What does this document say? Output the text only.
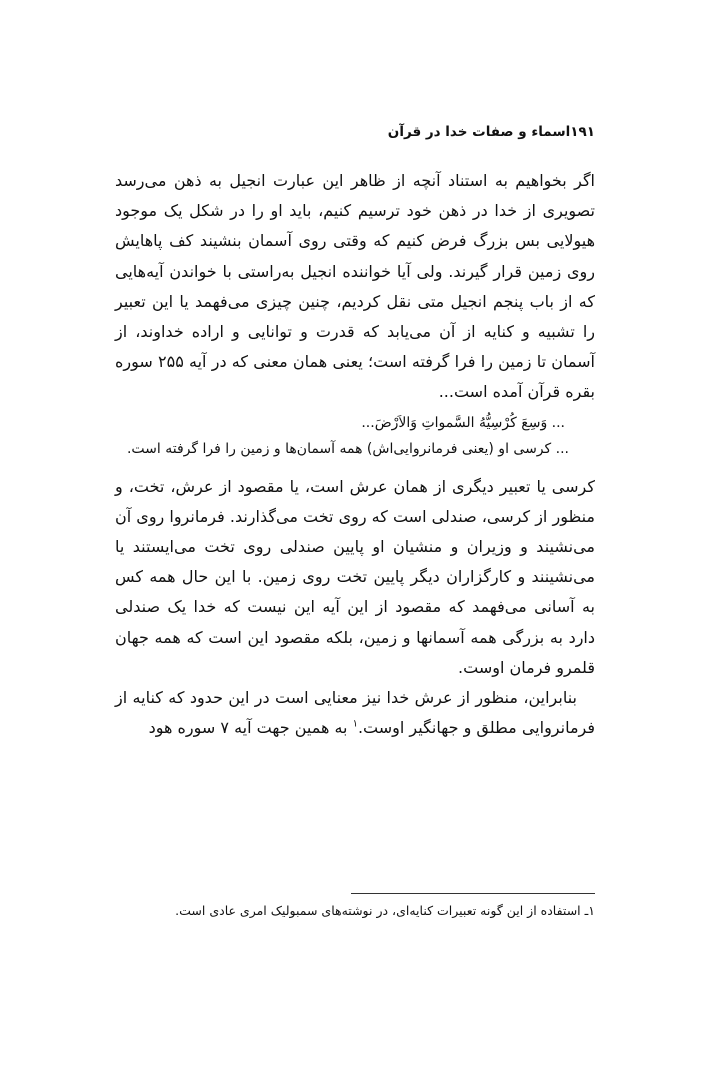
۱۹۱
اسماء و صفات خدا در قرآن

اگر بخواهیم به استناد آنچه از ظاهر این عبارت انجیل به ذهن می‌رسد تصویری از خدا در ذهن خود ترسیم کنیم، باید او را در شکل یک موجود هیولایی بس بزرگ فرض کنیم که وقتی روی آسمان بنشیند کف پاهایش روی زمین قرار گیرند. ولی آیا خواننده انجیل به‌راستی با خواندن آیه‌هایی که از باب پنجم انجیل متی نقل کردیم، چنین چیزی می‌فهمد یا این تعبیر را تشبیه و کنایه از آن می‌یابد که قدرت و توانایی و اراده خداوند، از آسمان تا زمین را فرا گرفته است؛ یعنی همان معنی که در آیه ۲۵۵ سوره بقره قرآن آمده است...

... وَسِعَ كُرْسِيُّهُ السَّمواتِ وَالاَرْضَ...

... کرسی او (یعنی فرمانروایی‌اش) همه آسمان‌ها و زمین را فرا گرفته است.

کرسی یا تعبیر دیگری از همان عرش است، یا مقصود از عرش، تخت، و منظور از کرسی، صندلی است که روی تخت می‌گذارند. فرمانروا روی آن می‌نشیند و وزیران و منشیان او پایین صندلی روی تخت می‌ایستند یا می‌نشینند و کارگزاران دیگر پایین تخت روی زمین. با این حال همه کس به آسانی می‌فهمد که مقصود از این آیه این نیست که خدا یک صندلی دارد به بزرگی همه آسمانها و زمین، بلکه مقصود این است که همه جهان قلمرو فرمان اوست.

بنابراین، منظور از عرش خدا نیز معنایی است در این حدود که کنایه از فرمانروایی مطلق و جهانگیر اوست.$^۱$ به همین جهت آیه ۷ سوره هود

۱ـ استفاده از این گونه تعبیرات کنایه‌ای، در نوشته‌های سمبولیک امری عادی است.
